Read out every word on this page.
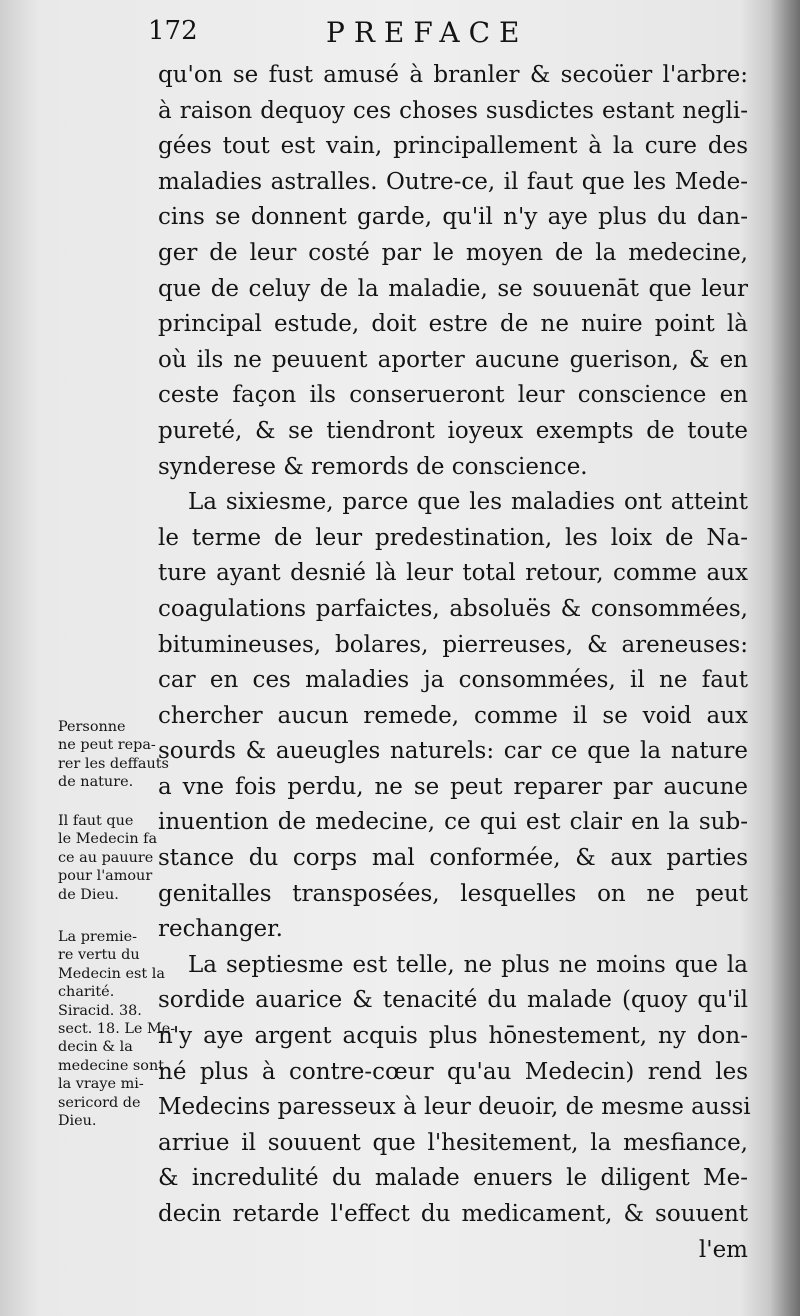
172	PREFACE
qu'on se fust amusé à branler & secoüer l'arbre:
à raison dequoy ces choses susdictes estant negli-
gées tout est vain, principallement à la cure des
maladies astralles. Outre-ce, il faut que les Mede-
cins se donnent garde, qu'il n'y aye plus du dan-
ger de leur costé par le moyen de la medecine,
que de celuy de la maladie, se souuenāt que leur
principal estude, doit estre de ne nuire point là
où ils ne peuuent aporter aucune guerison, & en
ceste façon ils conserueront leur conscience en
pureté, & se tiendront ioyeux exempts de toute
synderese & remords de conscience.
La sixiesme, parce que les maladies ont atteint
le terme de leur predestination, les loix de Na-
ture ayant desnié là leur total retour, comme aux
coagulations parfaictes, absoluës & consommées,
bitumineuses, bolares, pierreuses, & areneuses:
car en ces maladies ja consommées, il ne faut
chercher aucun remede, comme il se void aux
sourds & aueugles naturels: car ce que la nature
a vne fois perdu, ne se peut reparer par aucune
inuention de medecine, ce qui est clair en la sub-
stance du corps mal conformée, & aux parties
genitalles transposées, lesquelles on ne peut
rechanger.
La septiesme est telle, ne plus ne moins que la
sordide auarice & tenacité du malade (quoy qu'il
n'y aye argent acquis plus hōnestement, ny don-
né plus à contre-cœur qu'au Medecin) rend les
Medecins paresseux à leur deuoir, de mesme aussi
arriue il souuent que l'hesitement, la mesfiance,
& incredulité du malade enuers le diligent Me-
decin retarde l'effect du medicament, & souuent
l'em
Personne
ne peut repa-
rer les deffauts
de nature.
Il faut que
le Medecin fa
ce au pauure
pour l'amour
de Dieu.
La premie-
re vertu du
Medecin est la
charité.
Siracid. 38.
sect. 18. Le Me-
decin & la
medecine sont
la vraye mi-
sericord de
Dieu.
